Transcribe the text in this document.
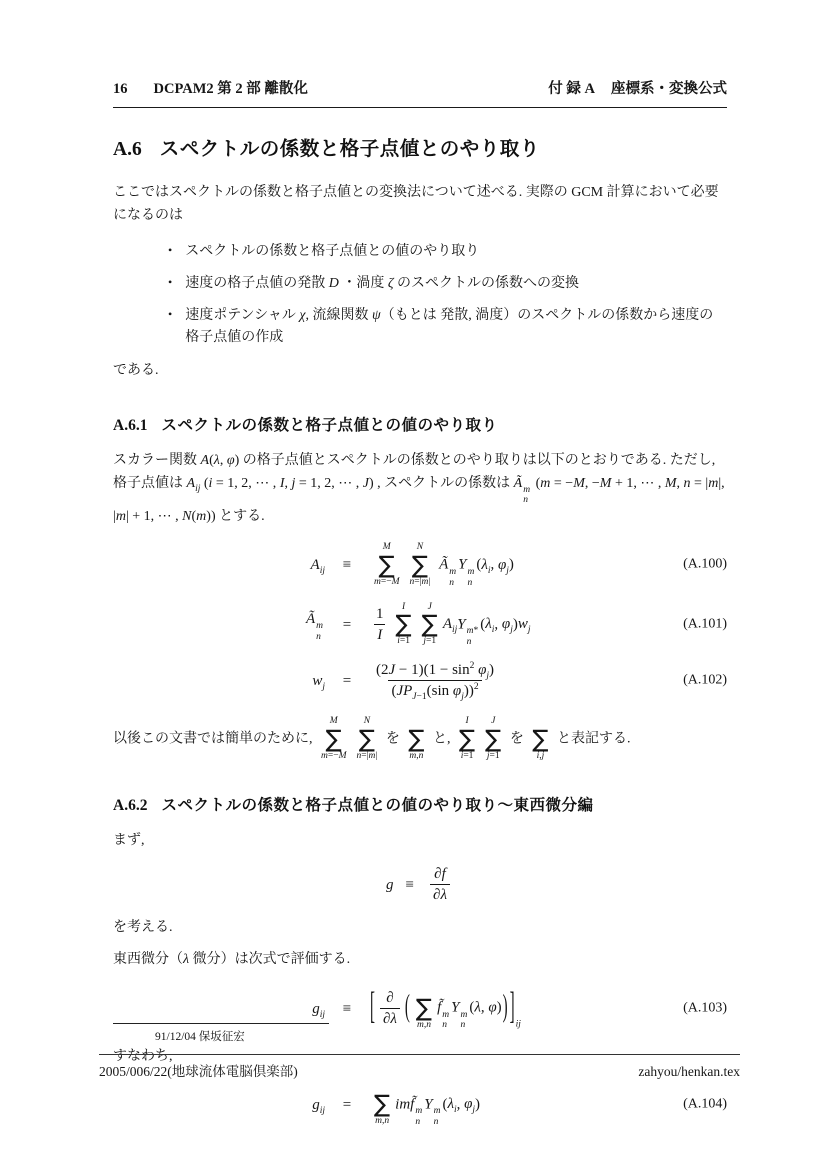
16 DCPAM2 第 2 部 離散化	付 録 A 座標系・変換公式
A.6 スペクトルの係数と格子点値とのやり取り

ここではスペクトルの係数と格子点値との変換法について述べる. 実際の GCM 計算において必要になるのは

• スペクトルの係数と格子点値との値のやり取り
• 速度の格子点値の発散 D ・渦度 ζ のスペクトルの係数への変換
• 速度ポテンシャル χ, 流線関数 ψ（もとは 発散, 渦度）のスペクトルの係数から速度の格子点値の作成

である.

A.6.1 スペクトルの係数と格子点値との値のやり取り

スカラー関数 A(λ, φ) の格子点値とスペクトルの係数とのやり取りは以下のとおりである. ただし, 格子点値は $A_{ij}$ (i = 1, 2, ⋯ , I, j = 1, 2, ⋯ , J) , スペクトルの係数は Ã m
n
(m = −M, −M + 1, ⋯ , M, n = |m|, |m| + 1, ⋯ , N(m)) とする.

$A_{ij}$	≡
M
∑
m=−M
N
∑
n=|m|
Ã m
n
Y m
n
($\lambda_i$, $\varphi_j$)	(A.100)
Ã m
n
=	$\frac{1}{I}$ I
∑
i=1
J
∑
j=1
$A_{ij}Y$ m*
n
($\lambda_i$, $\varphi_j)w_j$	(A.101)
$w_j$	=	$\frac{(2J - 1)(1 - \sin^2 \varphi_j)}{(JP_{J-1}(\sin \varphi_j))^2}$	(A.102)

以後この文書では簡単のために,
M
∑
m=−M
N
∑
n=|m|
を
∑
m,n
と,
I
∑
i=1
J
∑
j=1
を
∑
i,j
と表記する.

A.6.2 スペクトルの係数と格子点値との値のやり取り～東西微分編

まず,

$g \equiv \frac{\partial f}{\partial\lambda}$

を考える.

東西微分（λ 微分）は次式で評価する.

$g_{ij}$	≡	[ $\frac{\partial}{\partial\lambda}$ (
∑
m,n
f̃ m
n
Y m
n
(λ, φ)) ]$_{ij}$
(A.103)

すなわち,

$g_{ij}$	=
∑
m,n
imf̃ m
n
Y m
n
($\lambda_i$, $\varphi_j$)	(A.104)

91/12/04 保坂征宏

2005/006/22(地球流体電脳倶楽部)	zahyou/henkan.tex
